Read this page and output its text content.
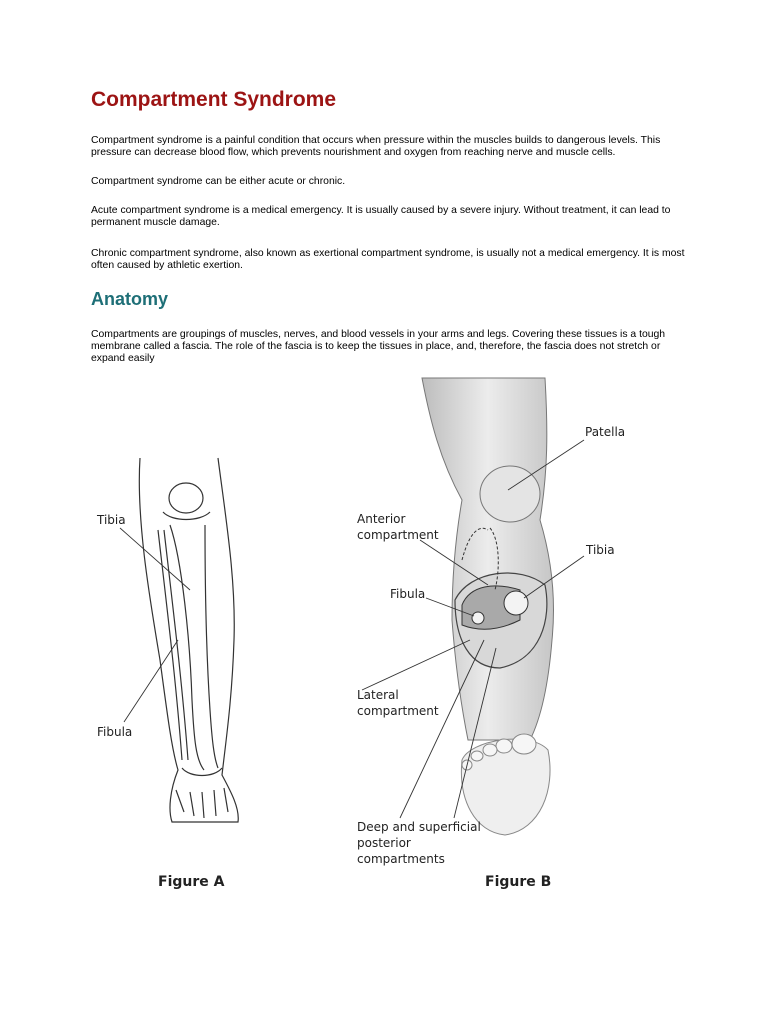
Compartment Syndrome

Compartment syndrome is a painful condition that occurs when pressure within the muscles builds to dangerous levels. This pressure can decrease blood flow, which prevents nourishment and oxygen from reaching nerve and muscle cells.

Compartment syndrome can be either acute or chronic.

Acute compartment syndrome is a medical emergency. It is usually caused by a severe injury. Without treatment, it can lead to permanent muscle damage.

Chronic compartment syndrome, also known as exertional compartment syndrome, is usually not a medical emergency. It is most often caused by athletic exertion.

Anatomy

Compartments are groupings of muscles, nerves, and blood vessels in your arms and legs. Covering these tissues is a tough membrane called a fascia. The role of the fascia is to keep the tissues in place, and, therefore, the fascia does not stretch or expand easily

Tibia
Fibula
Figure A
Patella
Anterior
compartment
Tibia
Fibula
Lateral
compartment
Deep and superficial
posterior
compartments
Figure B
